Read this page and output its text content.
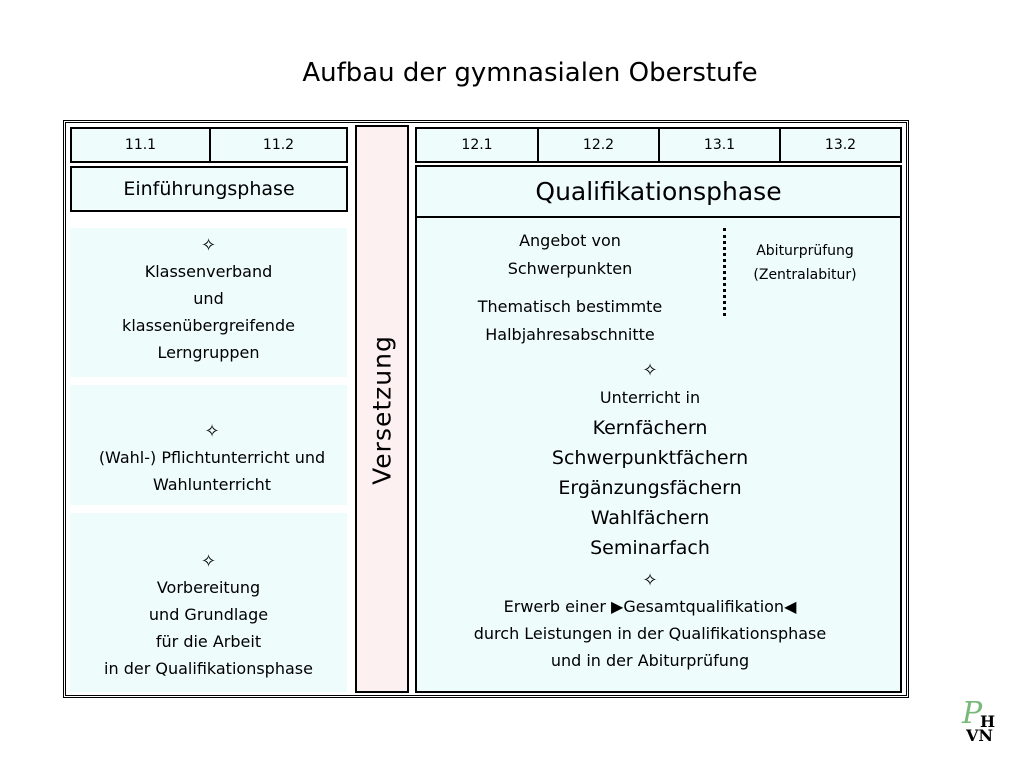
Aufbau der gymnasialen Oberstufe
11.1	11.2
Einführungsphase
✧
Klassenverband
und
klassenübergreifende
Lerngruppen
✧
(Wahl-) Pflichtunterricht und
Wahlunterricht
✧
Vorbereitung
und Grundlage
für die Arbeit
in der Qualifikationsphase
Versetzung
12.1	12.2	13.1	13.2
Qualifikationsphase
Angebot von
Schwerpunkten
Thematisch bestimmte
Halbjahresabschnitte
Abiturprüfung
(Zentralabitur)
✧
Unterricht in
Kernfächern
Schwerpunktfächern
Ergänzungsfächern
Wahlfächern
Seminarfach
✧
Erwerb einer ▶Gesamtqualifikation◀
durch Leistungen in der Qualifikationsphase
und in der Abiturprüfung
P
H
VN
